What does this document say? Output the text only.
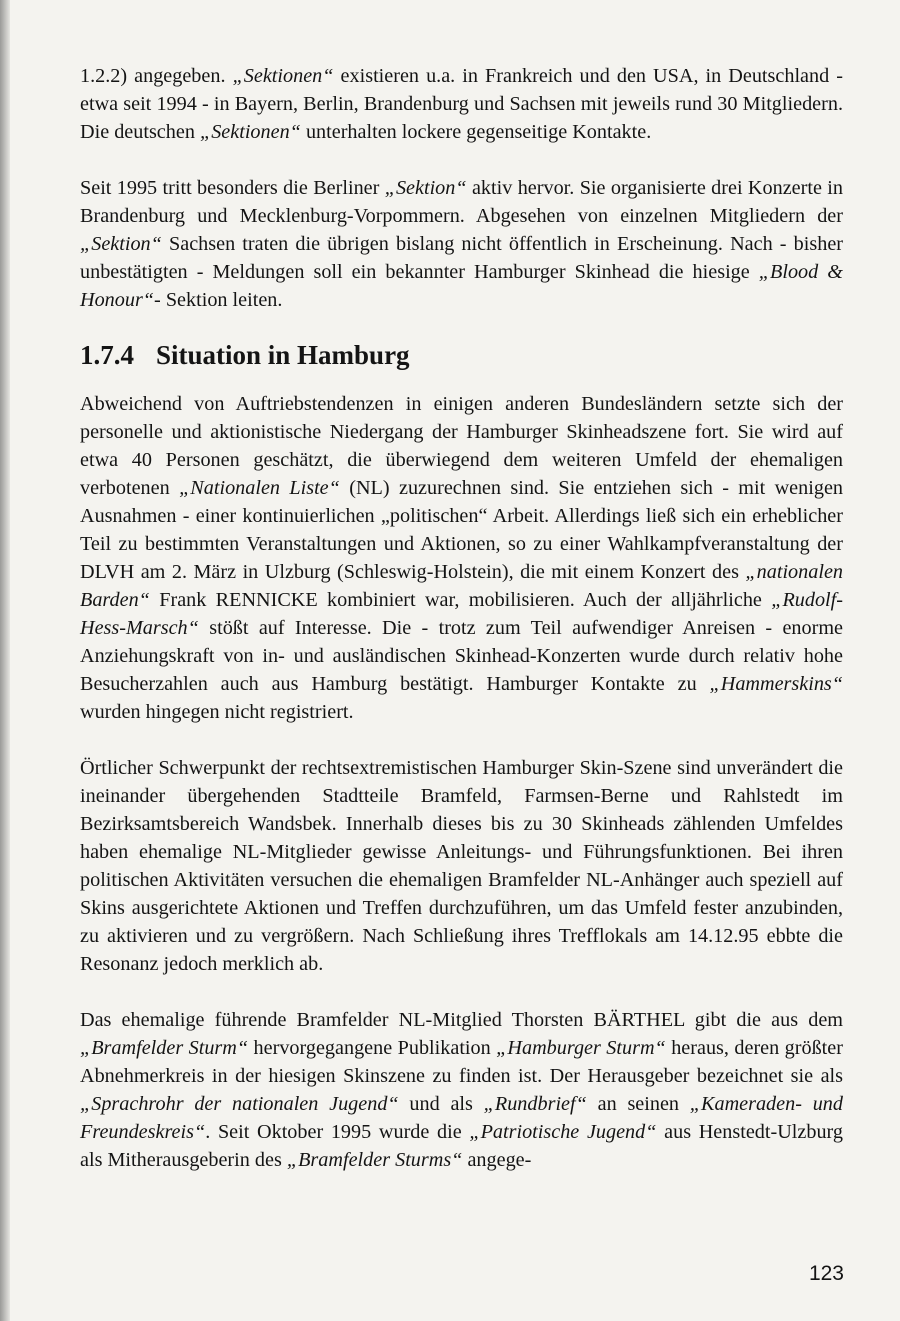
1.2.2) angegeben. „Sektionen“ existieren u.a. in Frankreich und den USA, in Deutschland - etwa seit 1994 - in Bayern, Berlin, Brandenburg und Sachsen mit jeweils rund 30 Mitgliedern. Die deutschen „Sektionen“ unterhalten lockere gegenseitige Kontakte.

Seit 1995 tritt besonders die Berliner „Sektion“ aktiv hervor. Sie organisierte drei Konzerte in Brandenburg und Mecklenburg-Vorpommern. Abgesehen von einzelnen Mitgliedern der „Sektion“ Sachsen traten die übrigen bislang nicht öffentlich in Erscheinung. Nach - bisher unbestätigten - Meldungen soll ein bekannter Hamburger Skinhead die hiesige „Blood & Honour“- Sektion leiten.

1.7.4 Situation in Hamburg

Abweichend von Auftriebstendenzen in einigen anderen Bundesländern setzte sich der personelle und aktionistische Niedergang der Hamburger Skinheadszene fort. Sie wird auf etwa 40 Personen geschätzt, die überwiegend dem weiteren Umfeld der ehemaligen verbotenen „Nationalen Liste“ (NL) zuzurechnen sind. Sie entziehen sich - mit wenigen Ausnahmen - einer kontinuierlichen „politischen“ Arbeit. Allerdings ließ sich ein erheblicher Teil zu bestimmten Veranstaltungen und Aktionen, so zu einer Wahlkampfveranstaltung der DLVH am 2. März in Ulzburg (Schleswig-Holstein), die mit einem Konzert des „nationalen Barden“ Frank RENNICKE kombiniert war, mobilisieren. Auch der alljährliche „Rudolf-Hess-Marsch“ stößt auf Interesse. Die - trotz zum Teil aufwendiger Anreisen - enorme Anziehungskraft von in- und ausländischen Skinhead-Konzerten wurde durch relativ hohe Besucherzahlen auch aus Hamburg bestätigt. Hamburger Kontakte zu „Hammerskins“ wurden hingegen nicht registriert.

Örtlicher Schwerpunkt der rechtsextremistischen Hamburger Skin-Szene sind unverändert die ineinander übergehenden Stadtteile Bramfeld, Farmsen-Berne und Rahlstedt im Bezirksamtsbereich Wandsbek. Innerhalb dieses bis zu 30 Skinheads zählenden Umfeldes haben ehemalige NL-Mitglieder gewisse Anleitungs- und Führungsfunktionen. Bei ihren politischen Aktivitäten versuchen die ehemaligen Bramfelder NL-Anhänger auch speziell auf Skins ausgerichtete Aktionen und Treffen durchzuführen, um das Umfeld fester anzubinden, zu aktivieren und zu vergrößern. Nach Schließung ihres Trefflokals am 14.12.95 ebbte die Resonanz jedoch merklich ab.

Das ehemalige führende Bramfelder NL-Mitglied Thorsten BÄRTHEL gibt die aus dem „Bramfelder Sturm“ hervorgegangene Publikation „Hamburger Sturm“ heraus, deren größter Abnehmerkreis in der hiesigen Skinszene zu finden ist. Der Herausgeber bezeichnet sie als „Sprachrohr der nationalen Jugend“ und als „Rundbrief“ an seinen „Kameraden- und Freundeskreis“. Seit Oktober 1995 wurde die „Patriotische Jugend“ aus Henstedt-Ulzburg als Mitherausgeberin des „Bramfelder Sturms“ angege-

123
